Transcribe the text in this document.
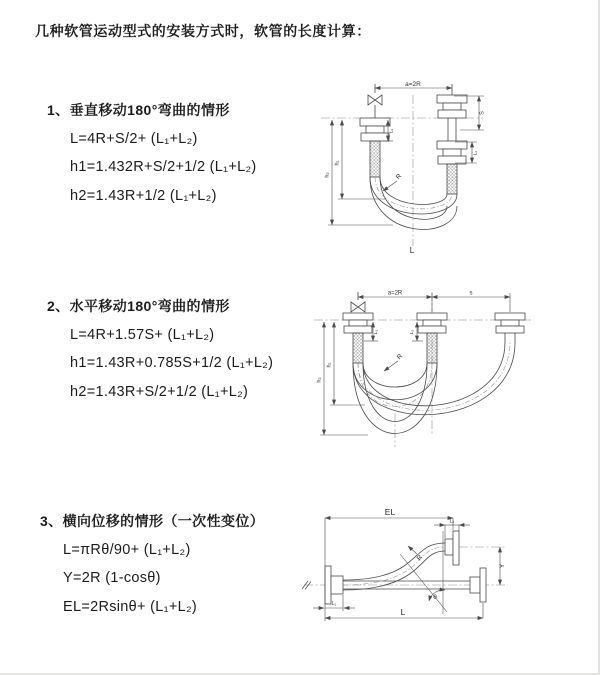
几种软管运动型式的安装方式时，软管的长度计算：
1、垂直移动180°弯曲的情形
L=4R+S/2+ (L₁+L₂)
h1=1.432R+S/2+1/2 (L₁+L₂)
h2=1.43R+1/2 (L₁+L₂)
2、水平移动180°弯曲的情形
L=4R+1.57S+ (L₁+L₂)
h1=1.43R+0.785S+1/2 (L₁+L₂)
h2=1.43R+S/2+1/2 (L₁+L₂)
3、横向位移的情形（一次性变位）
L=πRθ/90+ (L₁+L₂)
Y=2R (1-cosθ)
EL=2Rsinθ+ (L₁+L₂)
a=2R
h₂
h₁
L₁
S
L₂
R
L
a=2R	s
h₂
h₁
L₁	L₂
R
EL
L₂
Y
θ
R
L
L₁
